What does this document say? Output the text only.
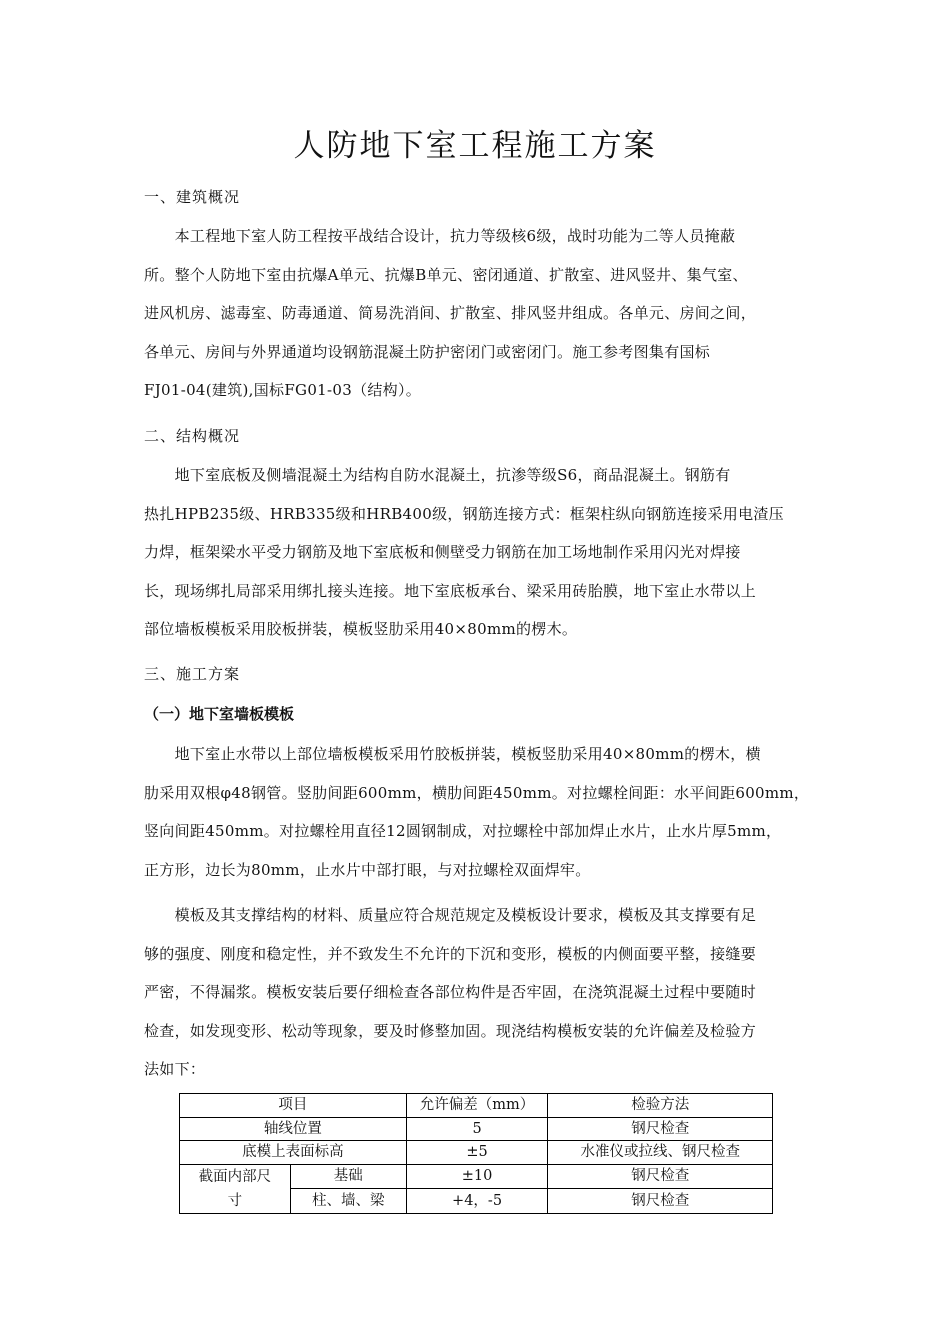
人防地下室工程施工方案
一、建筑概况
　　本工程地下室人防工程按平战结合设计，抗力等级核6级，战时功能为二等人员掩蔽
所。整个人防地下室由抗爆A单元、抗爆B单元、密闭通道、扩散室、进风竖井、集气室、
进风机房、滤毒室、防毒通道、简易洗消间、扩散室、排风竖井组成。各单元、房间之间，
各单元、房间与外界通道均设钢筋混凝土防护密闭门或密闭门。施工参考图集有国标
FJ01-04(建筑),国标FG01-03（结构）。
二、结构概况
　　地下室底板及侧墙混凝土为结构自防水混凝土，抗渗等级S6，商品混凝土。钢筋有
热扎HPB235级、HRB335级和HRB400级，钢筋连接方式：框架柱纵向钢筋连接采用电渣压
力焊，框架梁水平受力钢筋及地下室底板和侧壁受力钢筋在加工场地制作采用闪光对焊接
长，现场绑扎局部采用绑扎接头连接。地下室底板承台、梁采用砖胎膜，地下室止水带以上
部位墙板模板采用胶板拼装，模板竖肋采用40×80mm的楞木。
三、施工方案
（一）地下室墙板模板
　　地下室止水带以上部位墙板模板采用竹胶板拼装，模板竖肋采用40×80mm的楞木，横
肋采用双根φ48钢管。竖肋间距600mm，横肋间距450mm。对拉螺栓间距：水平间距600mm，
竖向间距450mm。对拉螺栓用直径12圆钢制成，对拉螺栓中部加焊止水片，止水片厚5mm，
正方形，边长为80mm，止水片中部打眼，与对拉螺栓双面焊牢。
　　模板及其支撑结构的材料、质量应符合规范规定及模板设计要求，模板及其支撑要有足
够的强度、刚度和稳定性，并不致发生不允许的下沉和变形，模板的内侧面要平整，接缝要
严密，不得漏浆。模板安装后要仔细检查各部位构件是否牢固，在浇筑混凝土过程中要随时
检查，如发现变形、松动等现象，要及时修整加固。现浇结构模板安装的允许偏差及检验方
法如下：
项目		允许偏差（mm）	检验方法
轴线位置		5	钢尺检查
底模上表面标高		±5	水准仪或拉线、钢尺检查
截面内部尺寸	基础	±10	钢尺检查
	柱、墙、梁	+4，-5	钢尺检查
